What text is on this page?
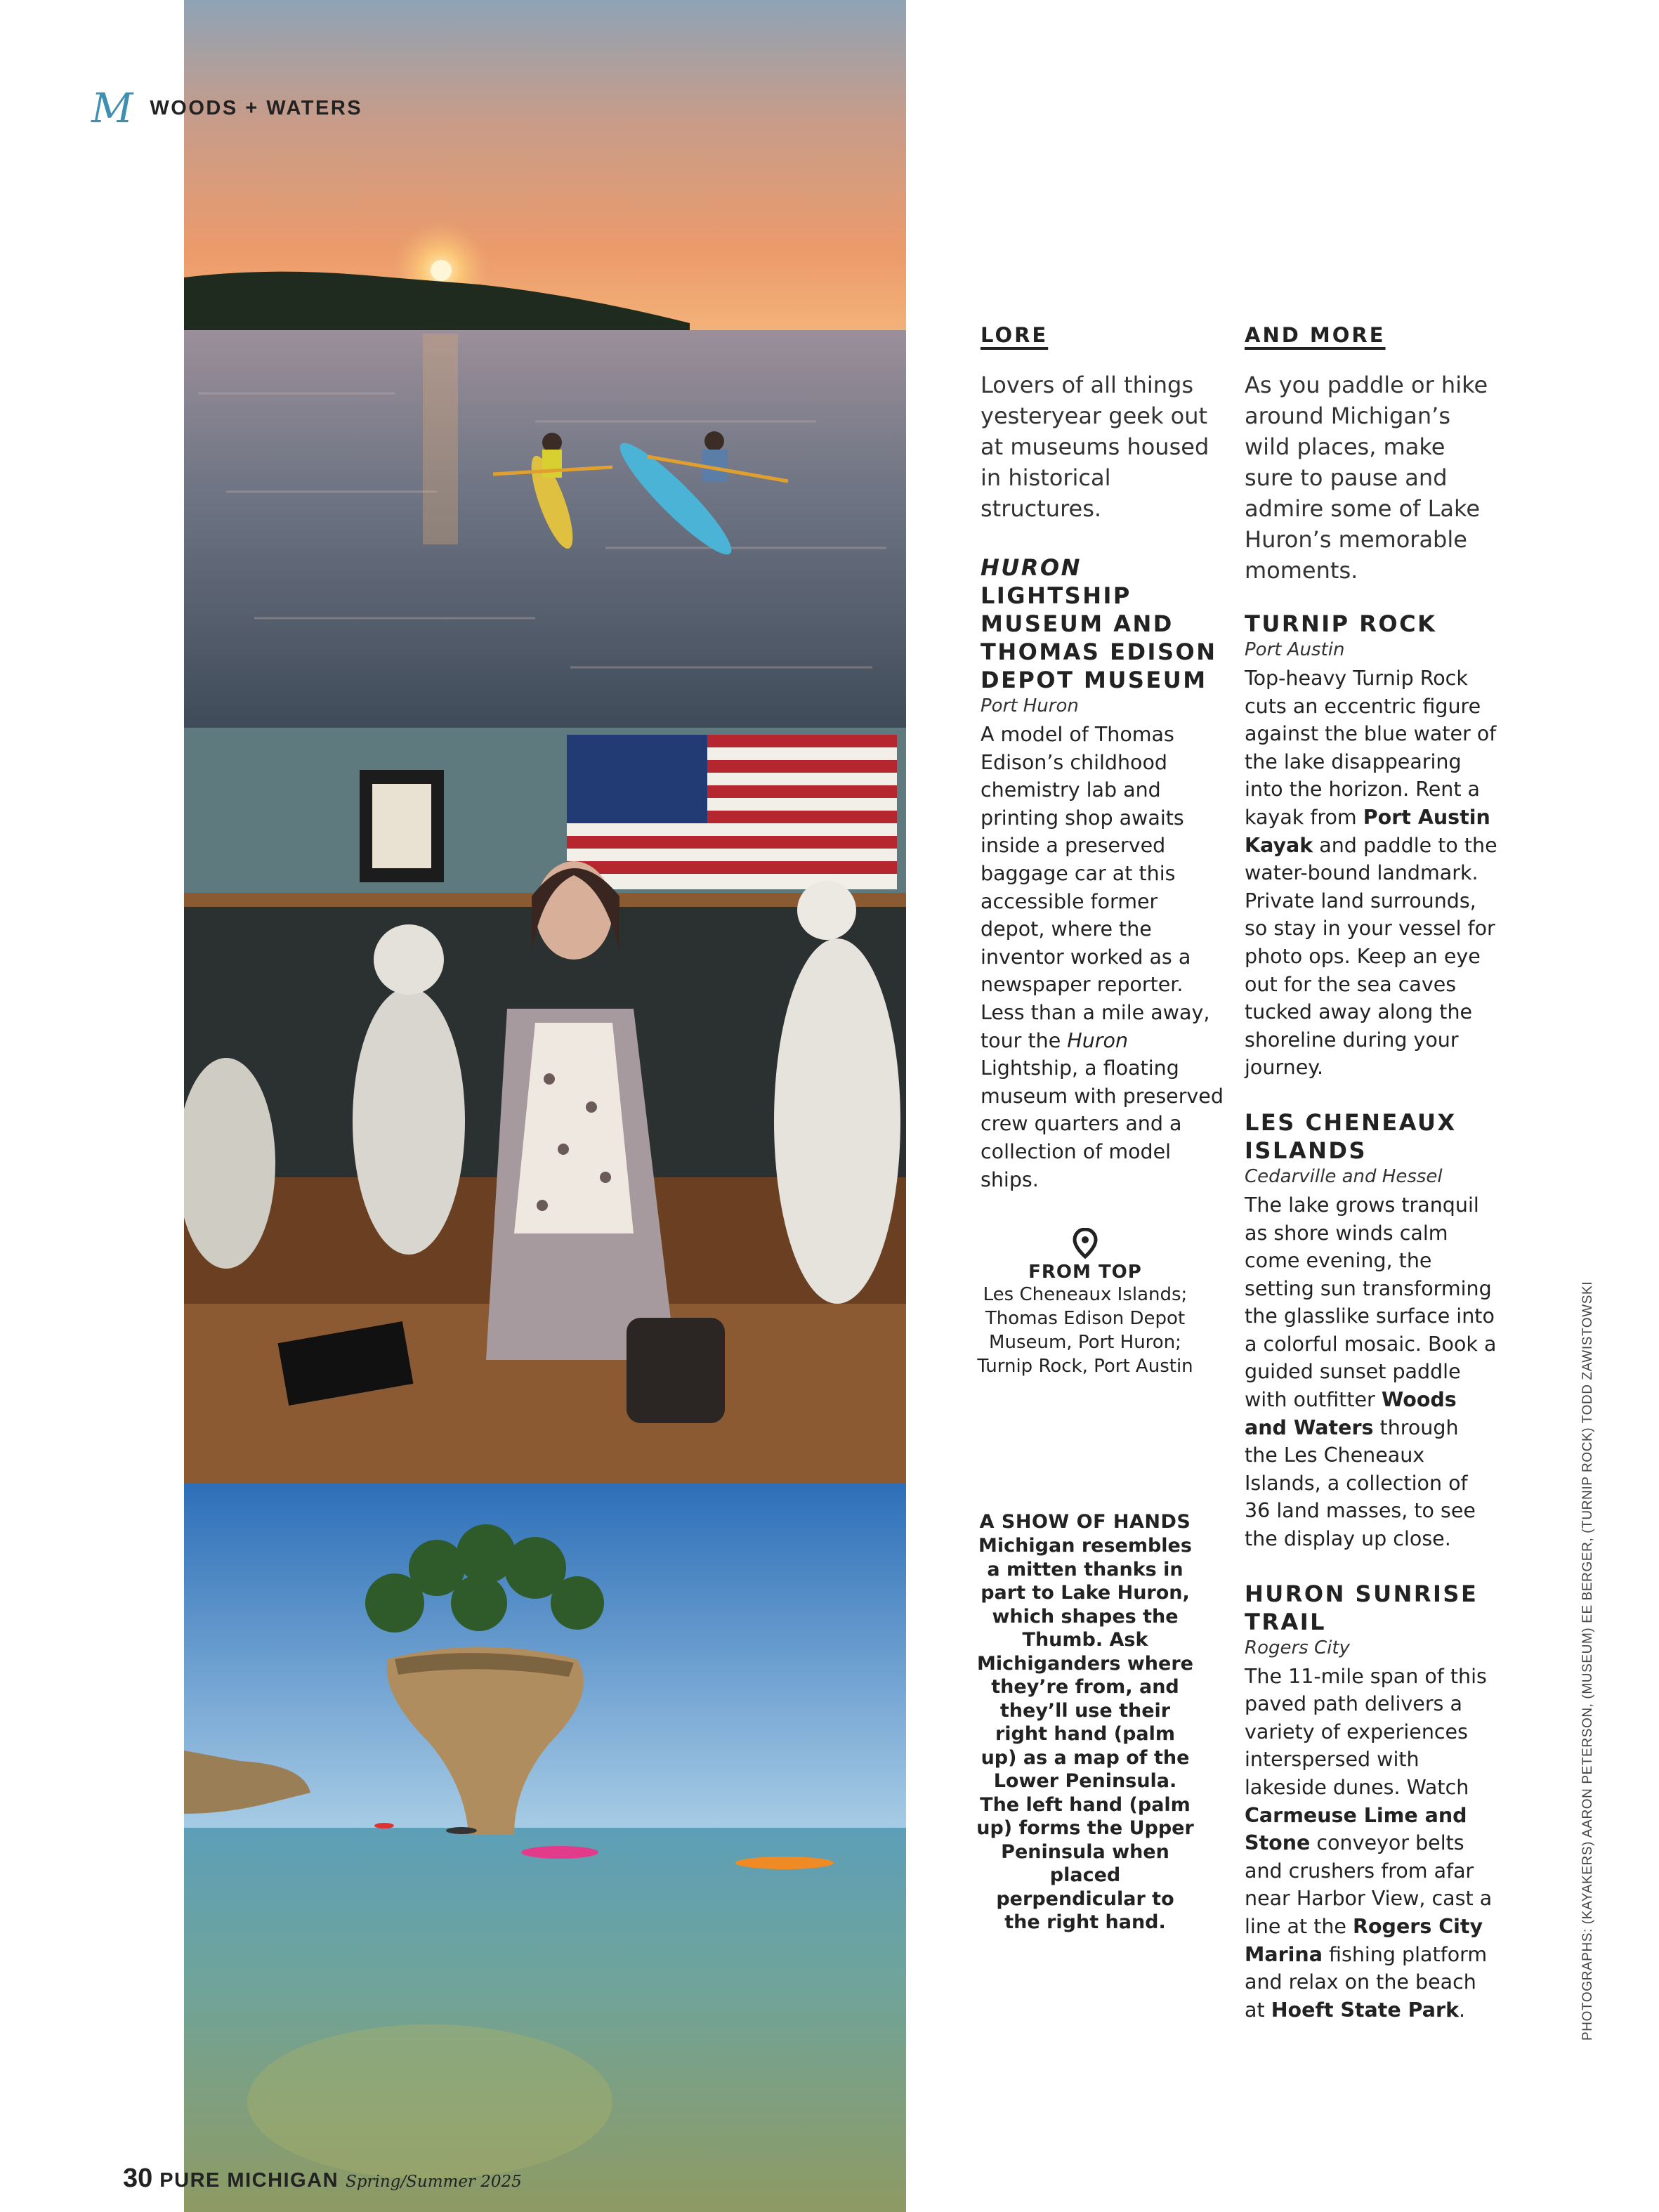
M WOODS + WATERS
LORE
Lovers of all things yesteryear geek out at museums housed in historical structures.
HURON LIGHTSHIP MUSEUM AND THOMAS EDISON DEPOT MUSEUM
Port Huron
A model of Thomas Edison’s childhood chemistry lab and printing shop awaits inside a preserved baggage car at this accessible former depot, where the inventor worked as a newspaper reporter. Less than a mile away, tour the Huron Lightship, a floating museum with preserved crew quarters and a collection of model ships.
AND MORE
As you paddle or hike around Michigan’s wild places, make sure to pause and admire some of Lake Huron’s memorable moments.
TURNIP ROCK
Port Austin
Top-heavy Turnip Rock cuts an eccentric figure against the blue water of the lake disappearing into the horizon. Rent a kayak from Port Austin Kayak and paddle to the water-bound landmark. Private land surrounds, so stay in your vessel for photo ops. Keep an eye out for the sea caves tucked away along the shoreline during your journey.
LES CHENEAUX ISLANDS
Cedarville and Hessel
The lake grows tranquil as shore winds calm come evening, the setting sun transforming the glasslike surface into a colorful mosaic. Book a guided sunset paddle with outfitter Woods and Waters through the Les Cheneaux Islands, a collection of 36 land masses, to see the display up close.
HURON SUNRISE TRAIL
Rogers City
The 11-mile span of this paved path delivers a variety of experiences interspersed with lakeside dunes. Watch Carmeuse Lime and Stone conveyor belts and crushers from afar near Harbor View, cast a line at the Rogers City Marina fishing platform and relax on the beach at Hoeft State Park.
FROM TOP
Les Cheneaux Islands; Thomas Edison Depot Museum, Port Huron; Turnip Rock, Port Austin
A SHOW OF HANDS
Michigan resembles a mitten thanks in part to Lake Huron, which shapes the Thumb. Ask Michiganders where they’re from, and they’ll use their right hand (palm up) as a map of the Lower Peninsula. The left hand (palm up) forms the Upper Peninsula when placed perpendicular to the right hand.	PHOTOGRAPHS: (KAYAKERS) AARON PETERSON, (MUSEUM) EE BERGER, (TURNIP ROCK) TODD ZAWISTOWSKI
30 PURE MICHIGAN Spring/Summer 2025
